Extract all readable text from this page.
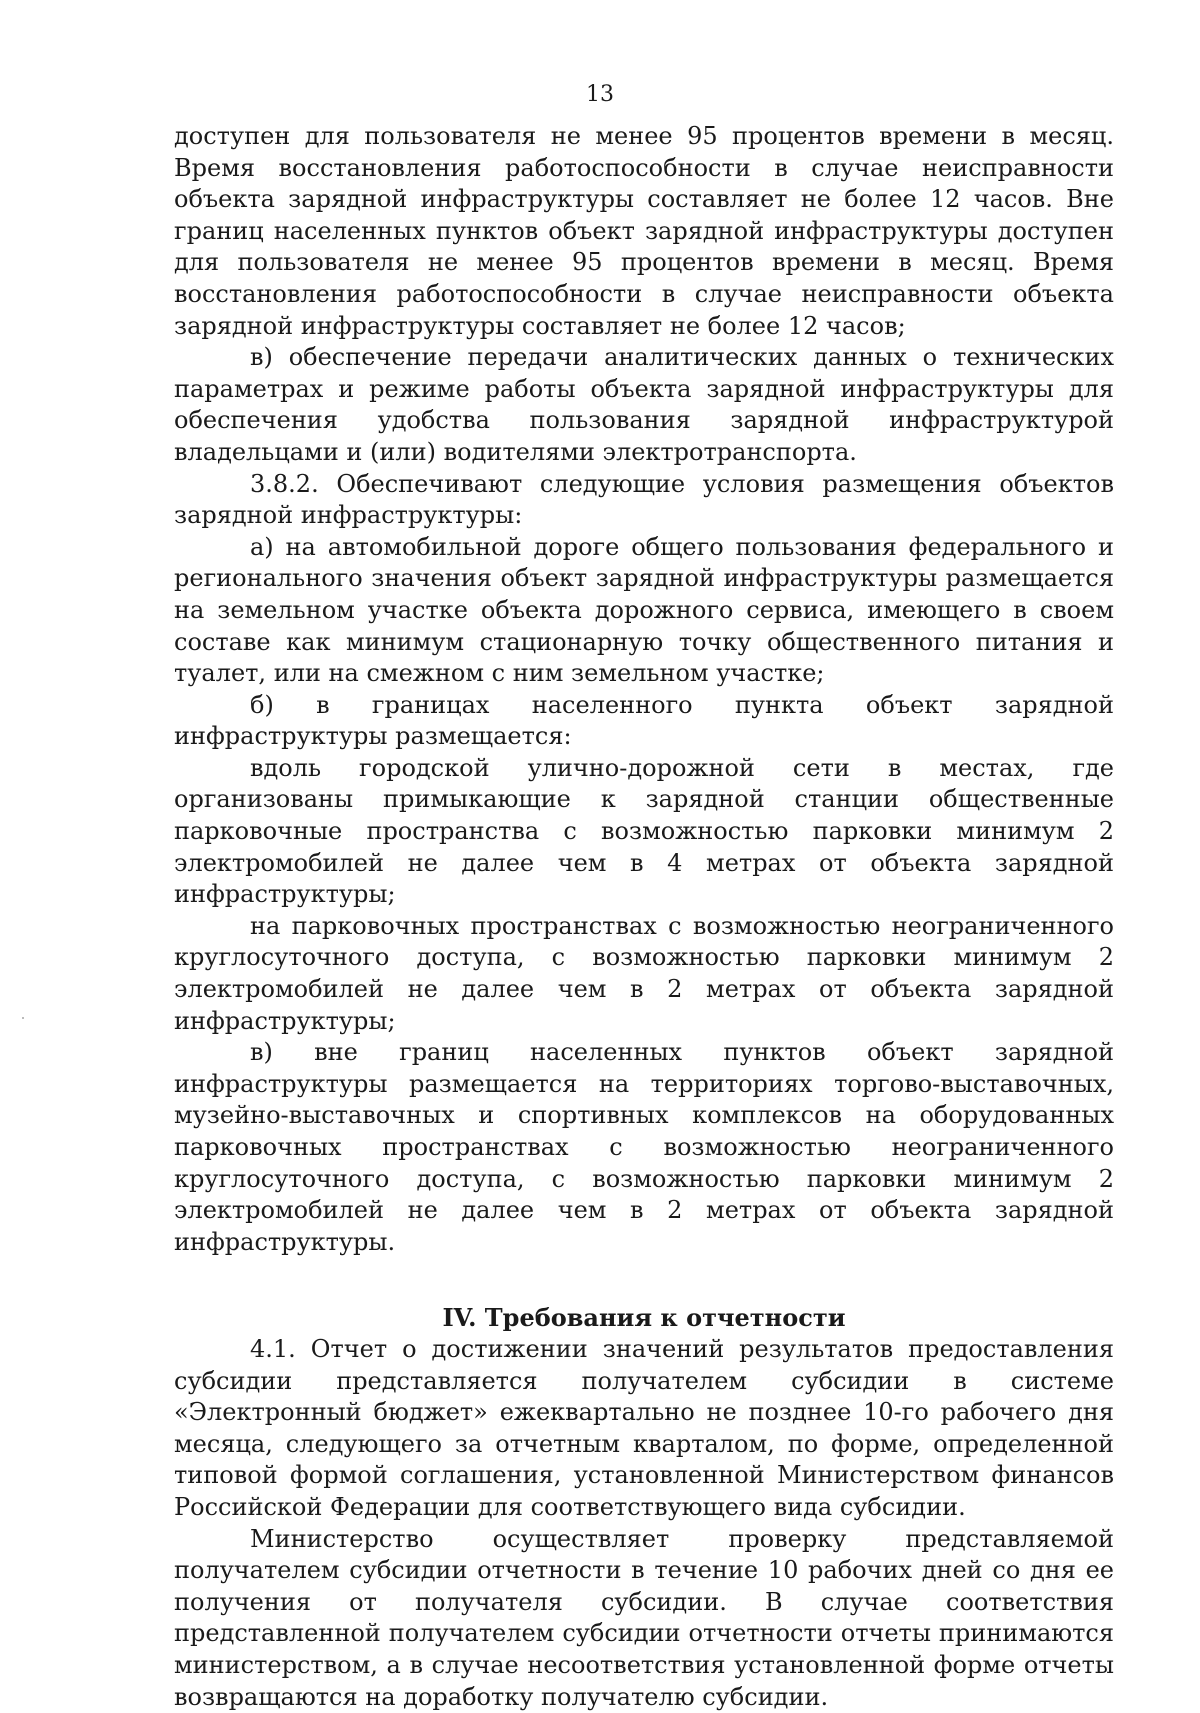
13

доступен для пользователя не менее 95 процентов времени в месяц. Время восстановления работоспособности в случае неисправности объекта зарядной инфраструктуры составляет не более 12 часов. Вне границ населенных пунктов объект зарядной инфраструктуры доступен для пользователя не менее 95 процентов времени в месяц. Время восстановления работоспособности в случае неисправности объекта зарядной инфраструктуры составляет не более 12 часов;

в) обеспечение передачи аналитических данных о технических параметрах и режиме работы объекта зарядной инфраструктуры для обеспечения удобства пользования зарядной инфраструктурой владельцами и (или) водителями электротранспорта.

3.8.2. Обеспечивают следующие условия размещения объектов зарядной инфраструктуры:

а) на автомобильной дороге общего пользования федерального и регионального значения объект зарядной инфраструктуры размещается на земельном участке объекта дорожного сервиса, имеющего в своем составе как минимум стационарную точку общественного питания и туалет, или на смежном с ним земельном участке;

б) в границах населенного пункта объект зарядной инфраструктуры размещается:

вдоль городской улично-дорожной сети в местах, где организованы примыкающие к зарядной станции общественные парковочные пространства с возможностью парковки минимум 2 электромобилей не далее чем в 4 метрах от объекта зарядной инфраструктуры;

на парковочных пространствах с возможностью неограниченного круглосуточного доступа, с возможностью парковки минимум 2 электромобилей не далее чем в 2 метрах от объекта зарядной инфраструктуры;

в) вне границ населенных пунктов объект зарядной инфраструктуры размещается на территориях торгово-выставочных, музейно-выставочных и спортивных комплексов на оборудованных парковочных пространствах с возможностью неограниченного круглосуточного доступа, с возможностью парковки минимум 2 электромобилей не далее чем в 2 метрах от объекта зарядной инфраструктуры.

IV. Требования к отчетности

4.1. Отчет о достижении значений результатов предоставления субсидии представляется получателем субсидии в системе «Электронный бюджет» ежеквартально не позднее 10-го рабочего дня месяца, следующего за отчетным кварталом, по форме, определенной типовой формой соглашения, установленной Министерством финансов Российской Федерации для соответствующего вида субсидии.

Министерство осуществляет проверку представляемой получателем субсидии отчетности в течение 10 рабочих дней со дня ее получения от получателя субсидии. В случае соответствия представленной получателем субсидии отчетности отчеты принимаются министерством, а в случае несоответствия установленной форме отчеты возвращаются на доработку получателю субсидии.
